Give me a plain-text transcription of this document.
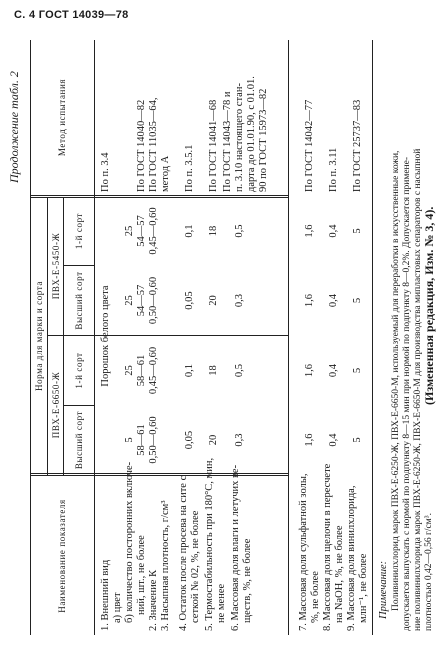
С. 4 ГОСТ 14039—78
Продолжение табл. 2
Наименование показателя
Норма для марки и сорта
ПВХ-Е-6650-Ж
ПВХ-Е-5450-Ж
Высший сорт
1-й сорт
Высший сорт
1-й сорт
Метод испытания
1. Внешний вид а) цвет б) количество посторонних включе- ний, шт., не более
Порошок белого цвета
По п. 3.4
2. Значение К
5
25
25
25
3. Насыпная плотность, г/см³
58—61
58—61
54—57
54—57
По ГОСТ 14040—82
0,50—0,60
0,45—0,60
0,50—0,60
0,45—0,60
По ГОСТ 11035—64, метод А
4. Остаток после просева на сите с сеткой № 02, %, не более
0,05
0,1
0,05
0,1
По п. 3.5.1
5. Термостабильность при 180°С, мин, не менее
20
18
20
18
По ГОСТ 14041—68
6. Массовая доля влаги и летучих ве- ществ, %, не более
0,3
0,5
0,3
0,5
По ГОСТ 14043—78 и п. 3.10 настоящего стан- дарта до 01.01.90, с 01.01. 90 по ГОСТ 15973—82
7. Массовая доля сульфатной золы, %, не более
1,6
1,6
1,6
1,6
По ГОСТ 14042—77
8. Массовая доля щелочи в пересчете на NaOH, %, не более
0,4
0,4
0,4
0,4
По п. 3.11
9. Массовая доля винилхлорида, млн⁻¹, не более
5
5
5
5
По ГОСТ 25737—83
Примечание: Поливинилхлорид марок ПВХ-Е-6250-Ж, ПВХ-Е-6650-М, используемый для переработки в искусственные кожи, допускается выпускать с нормой по подпункту 8—15 мин при нормой по подпункту 8—0,2%. Допускается примене- ние поливинилхлорида марок ПВХ-Е-6250-Ж, ПВХ-Е-6650-М для производства мипластовых сепараторов с насыпной плотностью 0,42—0,56 г/см³.
(Измененная редакция, Изм. № 3, 4).
